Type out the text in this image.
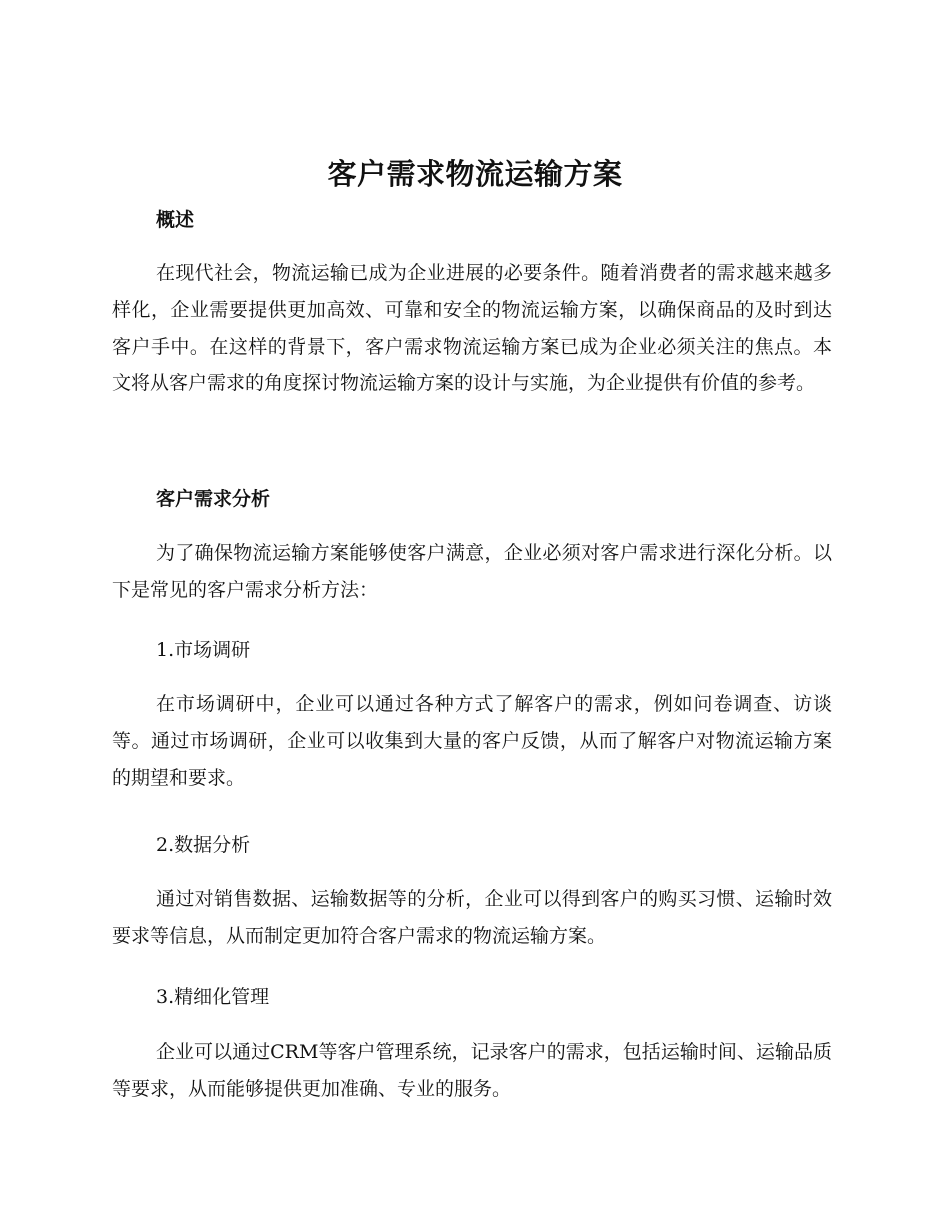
客户需求物流运输方案
概述

在现代社会，物流运输已成为企业进展的必要条件。随着消费者的需求越来越多样化，企业需要提供更加高效、可靠和安全的物流运输方案，以确保商品的及时到达客户手中。在这样的背景下，客户需求物流运输方案已成为企业必须关注的焦点。本文将从客户需求的角度探讨物流运输方案的设计与实施，为企业提供有价值的参考。

客户需求分析

为了确保物流运输方案能够使客户满意，企业必须对客户需求进行深化分析。以下是常见的客户需求分析方法：

1.市场调研

在市场调研中，企业可以通过各种方式了解客户的需求，例如问卷调查、访谈等。通过市场调研，企业可以收集到大量的客户反馈，从而了解客户对物流运输方案的期望和要求。

2.数据分析

通过对销售数据、运输数据等的分析，企业可以得到客户的购买习惯、运输时效要求等信息，从而制定更加符合客户需求的物流运输方案。

3.精细化管理

企业可以通过CRM等客户管理系统，记录客户的需求，包括运输时间、运输品质等要求，从而能够提供更加准确、专业的服务。
